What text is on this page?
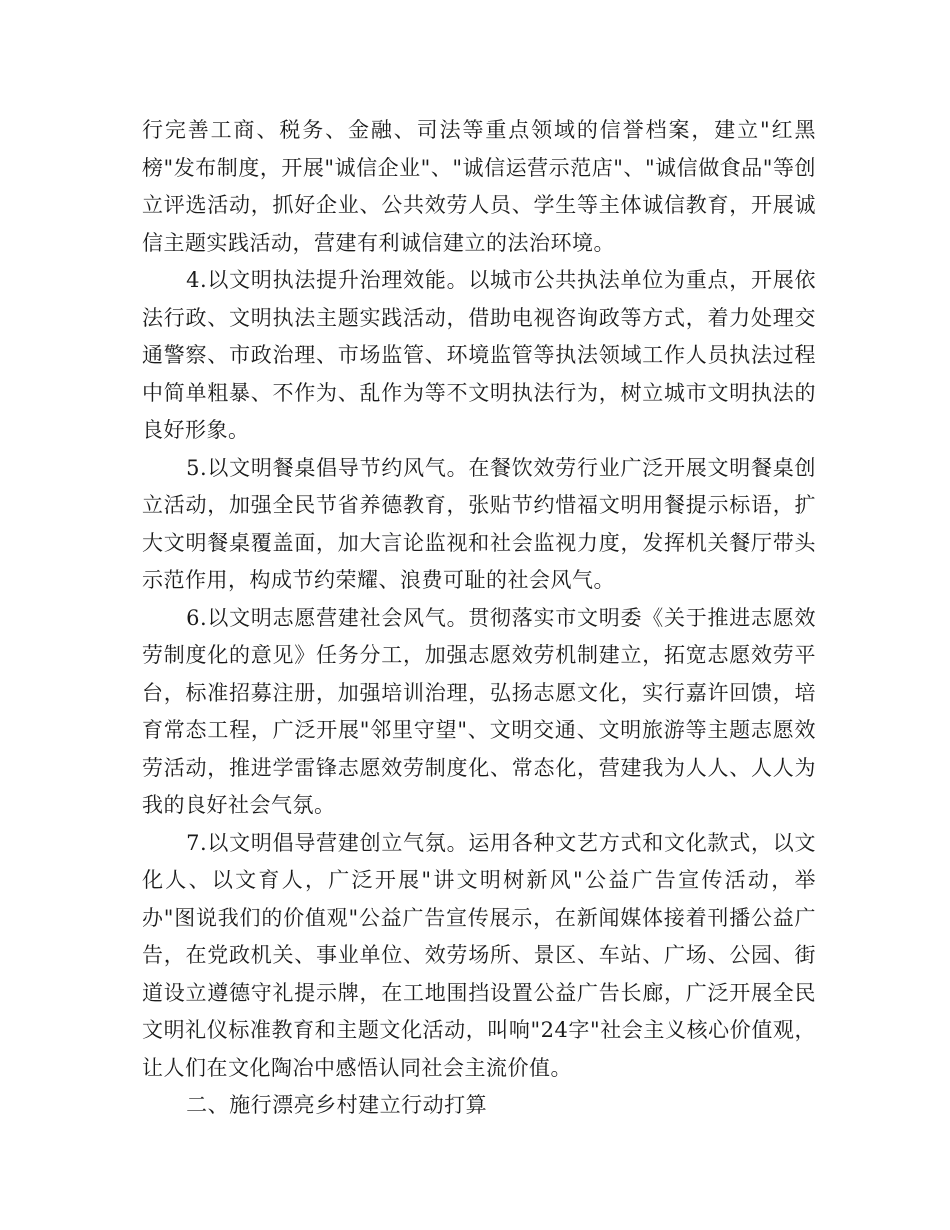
行完善工商、税务、金融、司法等重点领域的信誉档案，建立"红黑榜"发布制度，开展"诚信企业"、"诚信运营示范店"、"诚信做食品"等创立评选活动，抓好企业、公共效劳人员、学生等主体诚信教育，开展诚信主题实践活动，营建有利诚信建立的法治环境。

4.以文明执法提升治理效能。以城市公共执法单位为重点，开展依法行政、文明执法主题实践活动，借助电视咨询政等方式，着力处理交通警察、市政治理、市场监管、环境监管等执法领域工作人员执法过程中简单粗暴、不作为、乱作为等不文明执法行为，树立城市文明执法的良好形象。

5.以文明餐桌倡导节约风气。在餐饮效劳行业广泛开展文明餐桌创立活动，加强全民节省养德教育，张贴节约惜福文明用餐提示标语，扩大文明餐桌覆盖面，加大言论监视和社会监视力度，发挥机关餐厅带头示范作用，构成节约荣耀、浪费可耻的社会风气。

6.以文明志愿营建社会风气。贯彻落实市文明委《关于推进志愿效劳制度化的意见》任务分工，加强志愿效劳机制建立，拓宽志愿效劳平台，标准招募注册，加强培训治理，弘扬志愿文化，实行嘉许回馈，培育常态工程，广泛开展"邻里守望"、文明交通、文明旅游等主题志愿效劳活动，推进学雷锋志愿效劳制度化、常态化，营建我为人人、人人为我的良好社会气氛。

7.以文明倡导营建创立气氛。运用各种文艺方式和文化款式，以文化人、以文育人，广泛开展"讲文明树新风"公益广告宣传活动，举办"图说我们的价值观"公益广告宣传展示，在新闻媒体接着刊播公益广告，在党政机关、事业单位、效劳场所、景区、车站、广场、公园、街道设立遵德守礼提示牌，在工地围挡设置公益广告长廊，广泛开展全民文明礼仪标准教育和主题文化活动，叫响"24字"社会主义核心价值观，让人们在文化陶冶中感悟认同社会主流价值。

二、施行漂亮乡村建立行动打算
